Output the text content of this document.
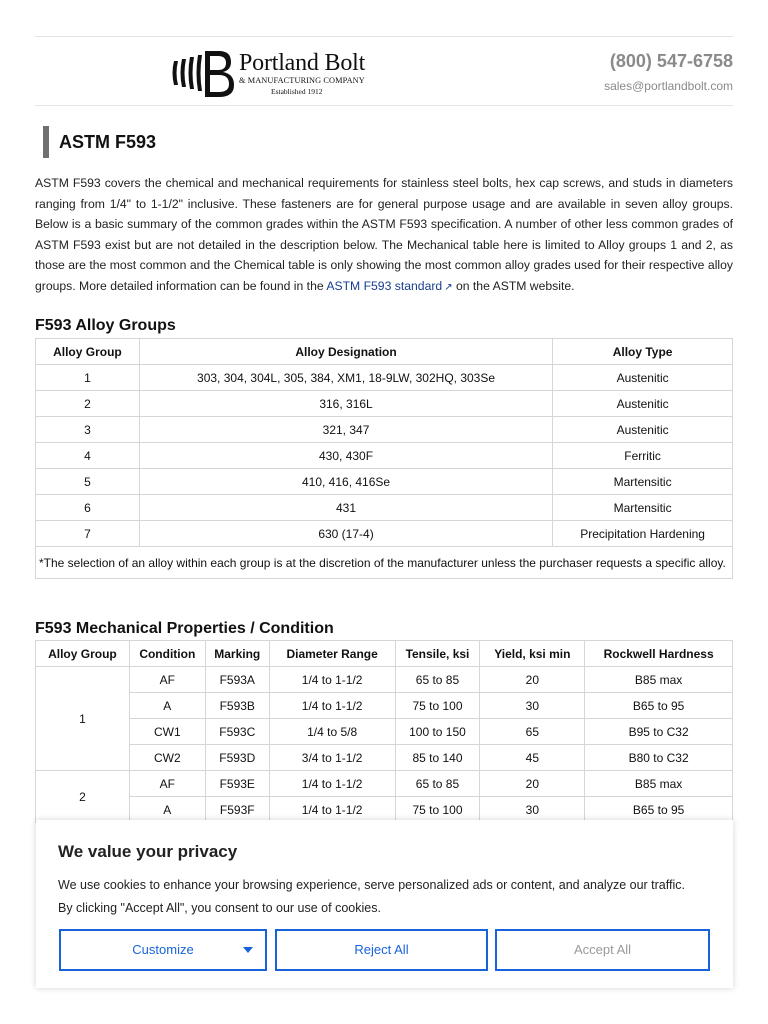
Portland Bolt
& MANUFACTURING COMPANY
Established 1912
(800) 547-6758
sales@portlandbolt.com
ASTM F593

ASTM F593 covers the chemical and mechanical requirements for stainless steel bolts, hex cap screws, and studs in diameters ranging from 1/4" to 1-1/2" inclusive. These fasteners are for general purpose usage and are available in seven alloy groups. Below is a basic summary of the common grades within the ASTM F593 specification. A number of other less common grades of ASTM F593 exist but are not detailed in the description below. The Mechanical table here is limited to Alloy groups 1 and 2, as those are the most common and the Chemical table is only showing the most common alloy grades used for their respective alloy groups. More detailed information can be found in the ASTM F593 standard ↗ on the ASTM website.

F593 Alloy Groups
Alloy Group	Alloy Designation	Alloy Type
1	303, 304, 304L, 305, 384, XM1, 18-9LW, 302HQ, 303Se	Austenitic
2	316, 316L	Austenitic
3	321, 347	Austenitic
4	430, 430F	Ferritic
5	410, 416, 416Se	Martensitic
6	431	Martensitic
7	630 (17-4)	Precipitation Hardening
*The selection of an alloy within each group is at the discretion of the manufacturer unless the purchaser requests a specific alloy.		
F593 Mechanical Properties / Condition
Alloy Group	Condition	Marking	Diameter Range	Tensile, ksi	Yield, ksi min	Rockwell Hardness
1	AF	F593A	1/4 to 1-1/2	65 to 85	20	B85 max
	A	F593B	1/4 to 1-1/2	75 to 100	30	B65 to 95
	CW1	F593C	1/4 to 5/8	100 to 150	65	B95 to C32
	CW2	F593D	3/4 to 1-1/2	85 to 140	45	B80 to C32
2	AF	F593E	1/4 to 1-1/2	65 to 85	20	B85 max
	A	F593F	1/4 to 1-1/2	75 to 100	30	B65 to 95
We value your privacy
We use cookies to enhance your browsing experience, serve personalized ads or content, and analyze our traffic. By clicking "Accept All", you consent to our use of cookies.
Customize	Reject All	Accept All
